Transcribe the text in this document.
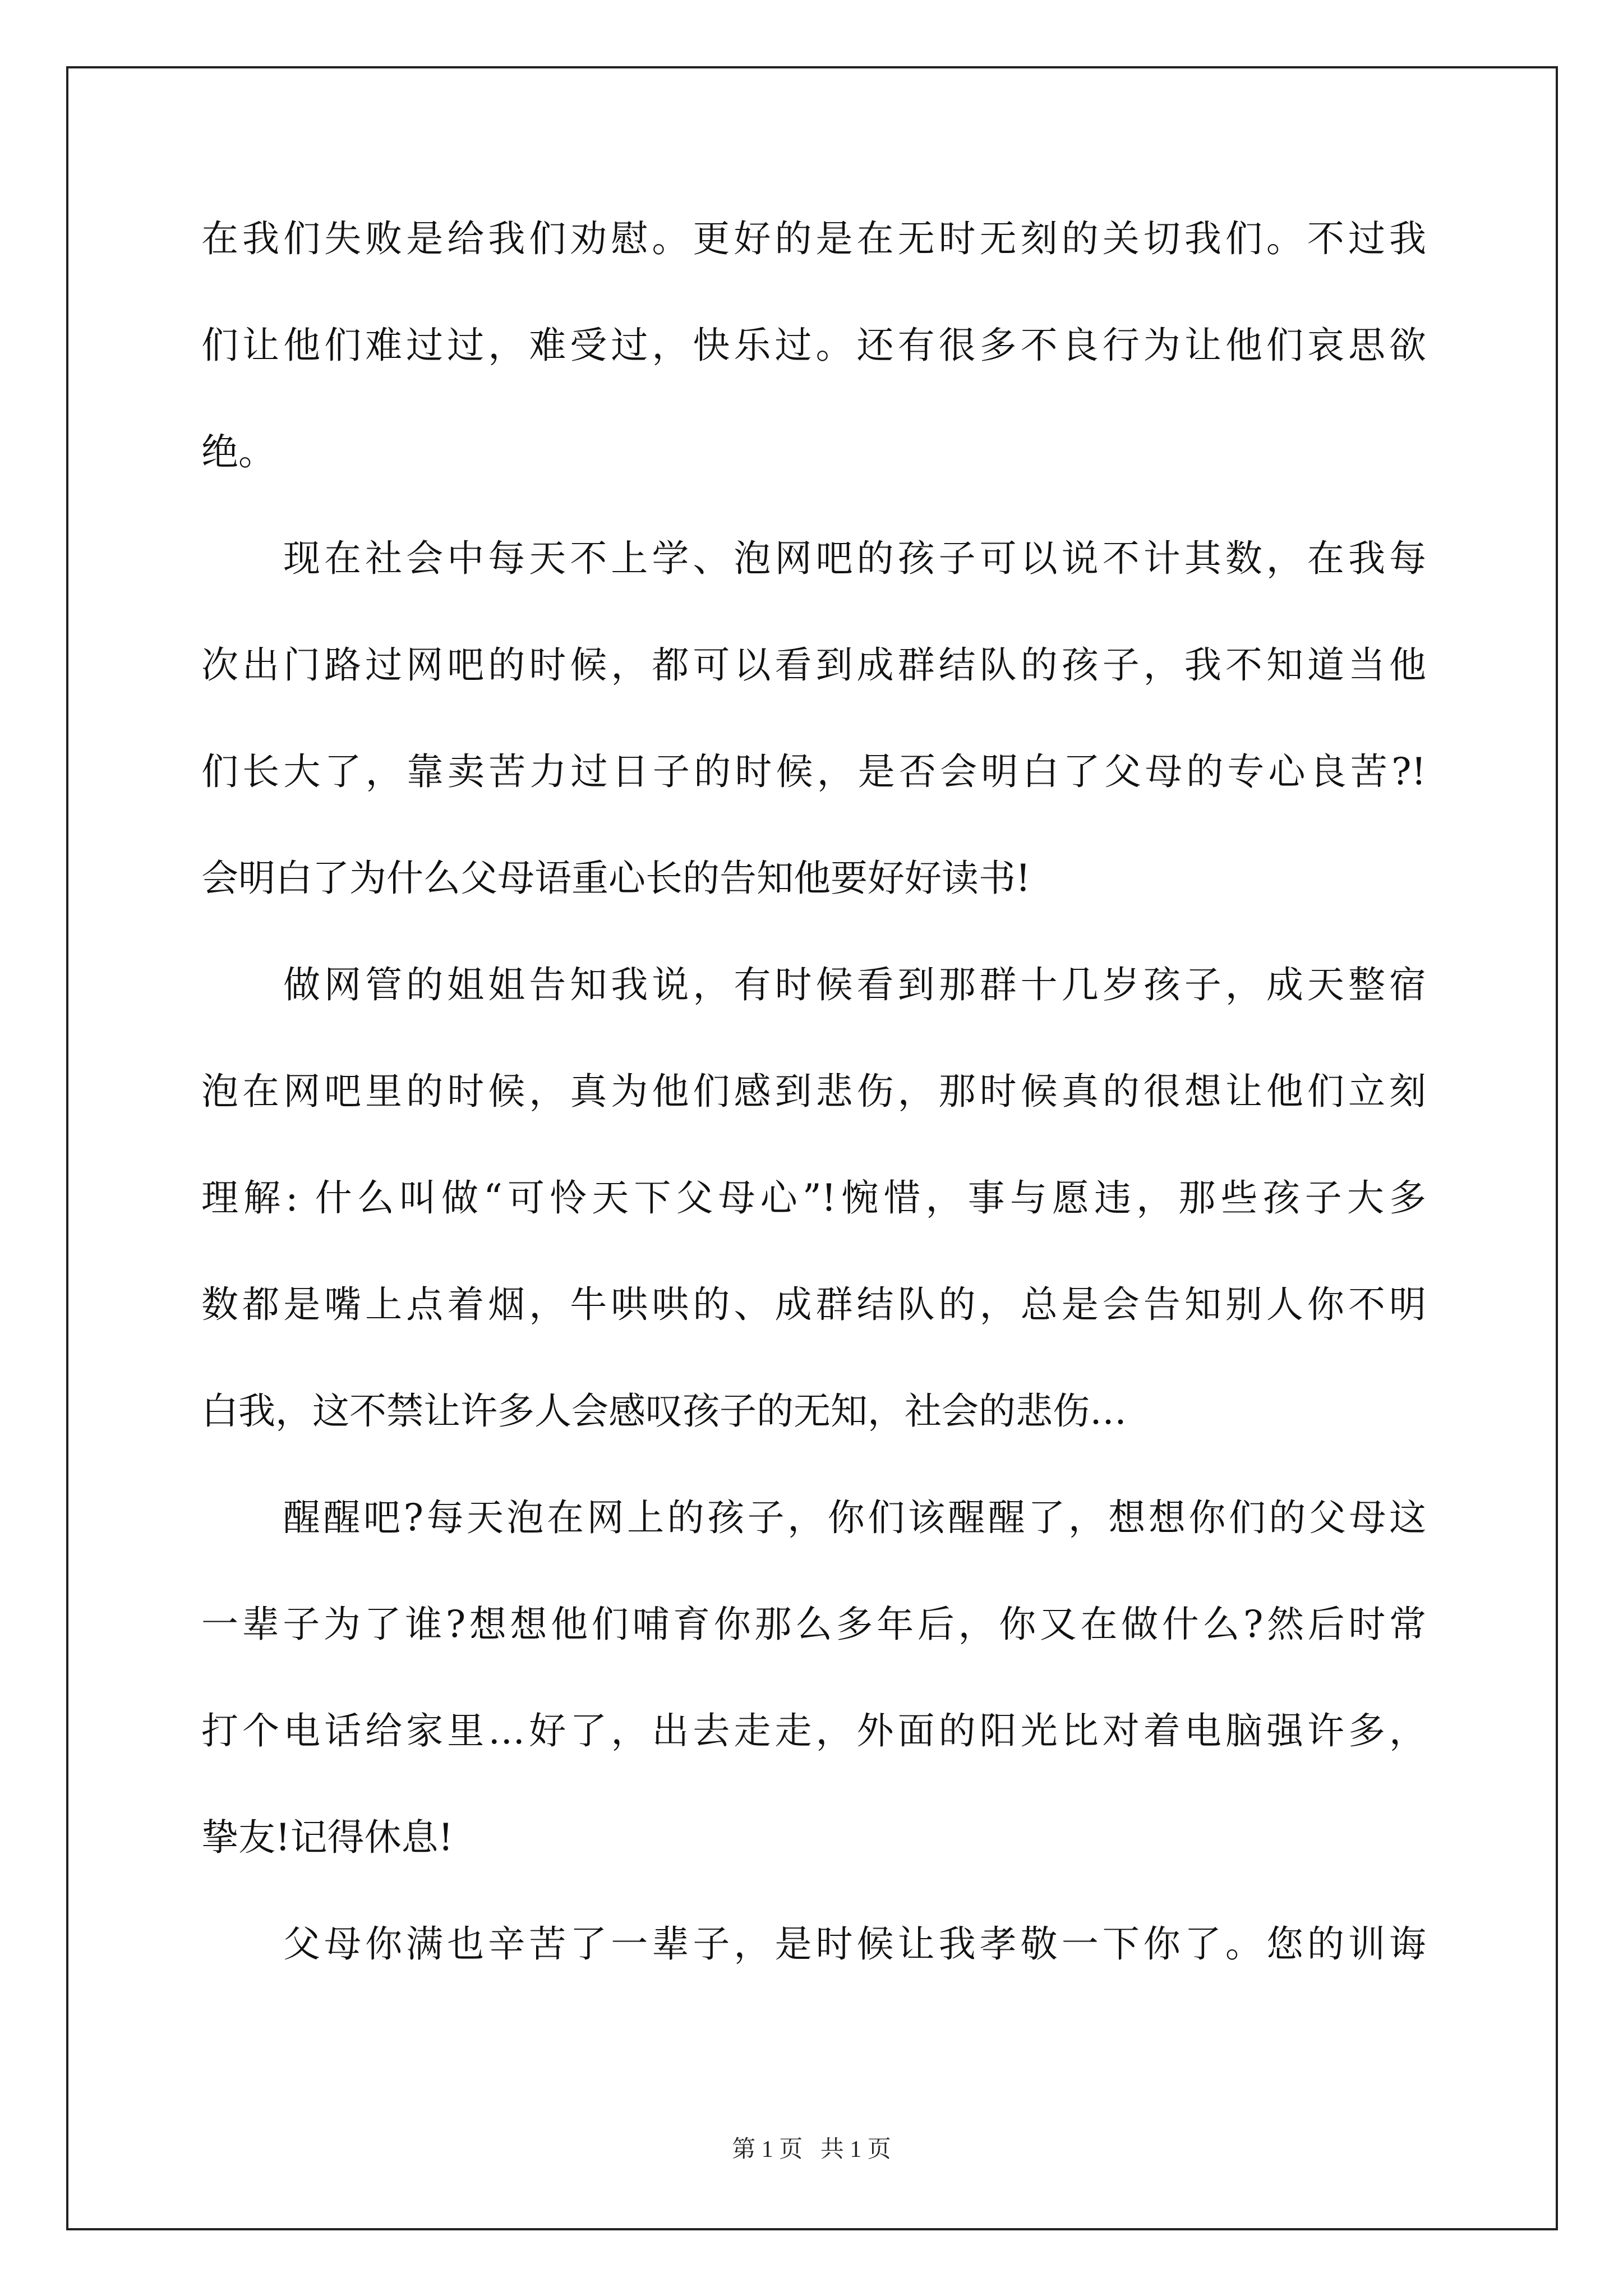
在我们失败是给我们劝慰。更好的是在无时无刻的关切我们。不过我
们让他们难过过，难受过，快乐过。还有很多不良行为让他们哀思欲
绝。
现在社会中每天不上学、泡网吧的孩子可以说不计其数，在我每
次出门路过网吧的时候，都可以看到成群结队的孩子，我不知道当他
们长大了，靠卖苦力过日子的时候，是否会明白了父母的专心良苦?!
会明白了为什么父母语重心长的告知他要好好读书!
做网管的姐姐告知我说，有时候看到那群十几岁孩子，成天整宿
泡在网吧里的时候，真为他们感到悲伤，那时候真的很想让他们立刻
理解: 什么叫做“可怜天下父母心”!惋惜，事与愿违，那些孩子大多
数都是嘴上点着烟，牛哄哄的、成群结队的，总是会告知别人你不明
白我，这不禁让许多人会感叹孩子的无知，社会的悲伤…
醒醒吧?每天泡在网上的孩子，你们该醒醒了，想想你们的父母这
一辈子为了谁?想想他们哺育你那么多年后，你又在做什么?然后时常
打个电话给家里…好了，出去走走，外面的阳光比对着电脑强许多，
挚友!记得休息!
父母你满也辛苦了一辈子，是时候让我孝敬一下你了。您的训诲
第 1 页   共 1 页
